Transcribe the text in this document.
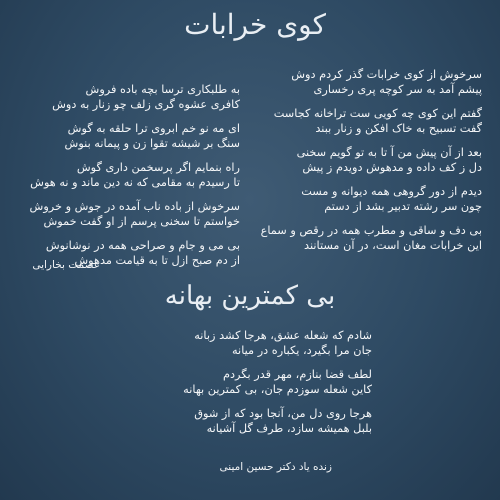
کوی خرابات
سرخوش از کوی خرابات گذر کردم دوش
پیشم آمد به سر کوچه پری رخساری
گفتم این کوی چه کویی ست تراخانه کجاست
گفت تسبیح به خاک افکن و زنار ببند
بعد از آن پیش من آ تا به تو گویم سخنی
دل ز کف داده و مدهوش دویدم ز پیش
دیدم از دور گروهی همه دیوانه و مست
چون سر رشته تدبیر بشد از دستم
بی دف و ساقی و مطرب همه در رقص و سماع
این خرابات مغان است، در آن مستانند
به طلبکاری ترسا بچه باده فروش
کافری عشوه گری زلف چو زنار به دوش
ای مه نو خم ابروی ترا حلقه به گوش
سنگ بر شیشه تقوا زن و پیمانه بنوش
راه بنمایم اگر پرسخمن داری گوش
تا رسیدم به مقامی که نه دین ماند و نه هوش
سرخوش از باده ناب آمده در جوش و خروش
خواستم تا سخنی پرسم از او گفت خموش
بی می و جام و صراحی همه در نوشانوش
از دم صبح ازل تا به قیامت مدهوش
عصمت بخارایی
بی کمترین بهانه
شادم که شعله عشق، هرجا کشد زبانه
جان مرا بگیرد، یکباره در میانه
لطف قضا بنازم، مهر قدر بگردم
کاین شعله سوزدم جان، بی کمترین بهانه
هرجا روی دل من، آنجا بود که از شوق
بلبل همیشه سازد، طرف گل آشیانه
زنده یاد دکتر حسین امینی
